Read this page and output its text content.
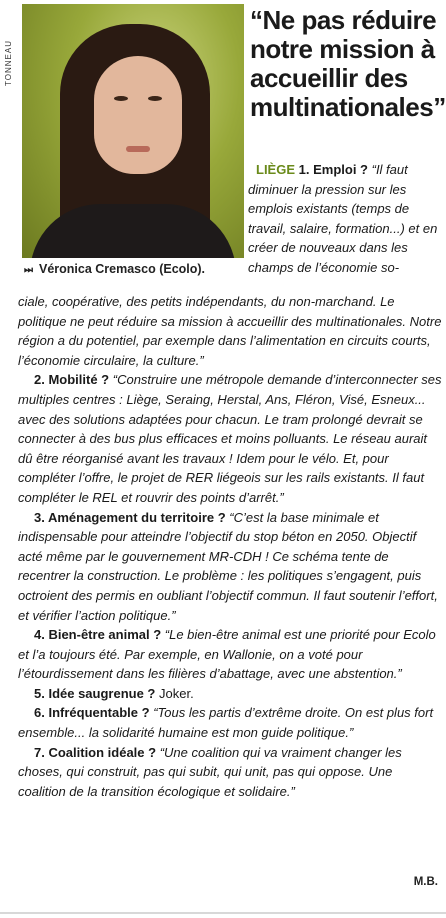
TONNEAU
⏭ Véronica Cremasco (Ecolo).
“Ne pas réduire notre mission à accueillir des multinationales”

LIÈGE 1. Emploi ? “Il faut diminuer la pression sur les emplois existants (temps de travail, salaire, formation...) et en créer de nouveaux dans les champs de l’économie so-

ciale, coopérative, des petits indépendants, du non-marchand. Le politique ne peut réduire sa mission à accueillir des multinationales. Notre région a du potentiel, par exemple dans l’alimentation en circuits courts, l’économie circulaire, la culture.”

2. Mobilité ? “Construire une métropole demande d’interconnecter ses multiples centres : Liège, Seraing, Herstal, Ans, Fléron, Visé, Esneux... avec des solutions adaptées pour chacun. Le tram prolongé devrait se connecter à des bus plus efficaces et moins polluants. Le réseau aurait dû être réorganisé avant les travaux ! Idem pour le vélo. Et, pour compléter l’offre, le projet de RER liégeois sur les rails existants. Il faut compléter le REL et rouvrir des points d’arrêt.”

3. Aménagement du territoire ? “C’est la base minimale et indispensable pour atteindre l’objectif du stop béton en 2050. Objectif acté même par le gouvernement MR-CDH ! Ce schéma tente de recentrer la construction. Le problème : les politiques s’engagent, puis octroient des permis en oubliant l’objectif commun. Il faut soutenir l’effort, et vérifier l’action politique.”

4. Bien-être animal ? “Le bien-être animal est une priorité pour Ecolo et l’a toujours été. Par exemple, en Wallonie, on a voté pour l’étourdissement dans les filières d’abattage, avec une abstention.”

5. Idée saugrenue ? Joker.

6. Infréquentable ? “Tous les partis d’extrême droite. On est plus fort ensemble... la solidarité humaine est mon guide politique.”

7. Coalition idéale ? “Une coalition qui va vraiment changer les choses, qui construit, pas qui subit, qui unit, pas qui oppose. Une coalition de la transition écologique et solidaire.”

M.B.
